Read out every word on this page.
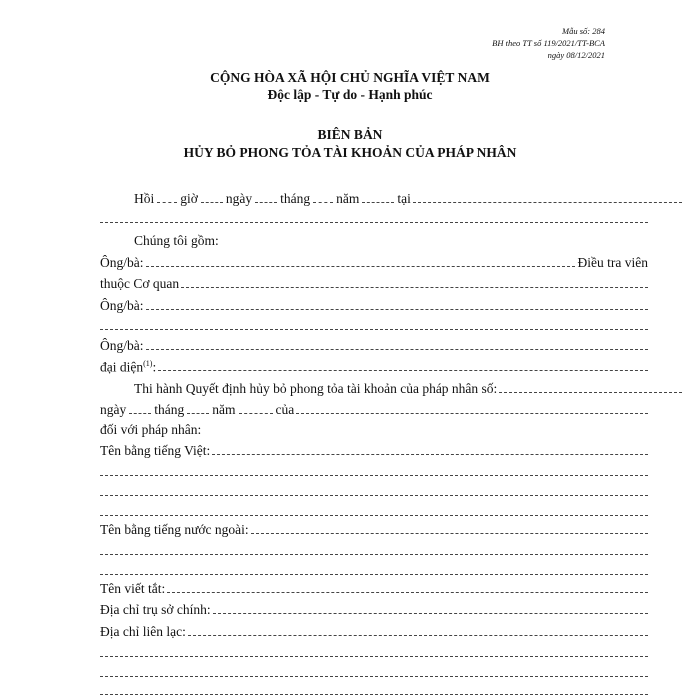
Mẫu số: 284
BH theo TT số 119/2021/TT-BCA
ngày 08/12/2021
CỘNG HÒA XÃ HỘI CHỦ NGHĨA VIỆT NAM
Độc lập - Tự do - Hạnh phúc
BIÊN BẢN
HỦY BỎ PHONG TỎA TÀI KHOẢN CỦA PHÁP NHÂN
Hồi giờ ngày tháng năm	tại
Chúng tôi gồm:
Ông/bà:	Điều tra viên
thuộc Cơ quan
Ông/bà:
Ông/bà:
đại diện$^{(1)}$:
Thi hành Quyết định hủy bỏ phong tỏa tài khoản của pháp nhân số:
ngày tháng năm	của
đối với pháp nhân:
Tên bằng tiếng Việt:
Tên bằng tiếng nước ngoài:
Tên viết tắt:
Địa chỉ trụ sở chính:
Địa chỉ liên lạc:
